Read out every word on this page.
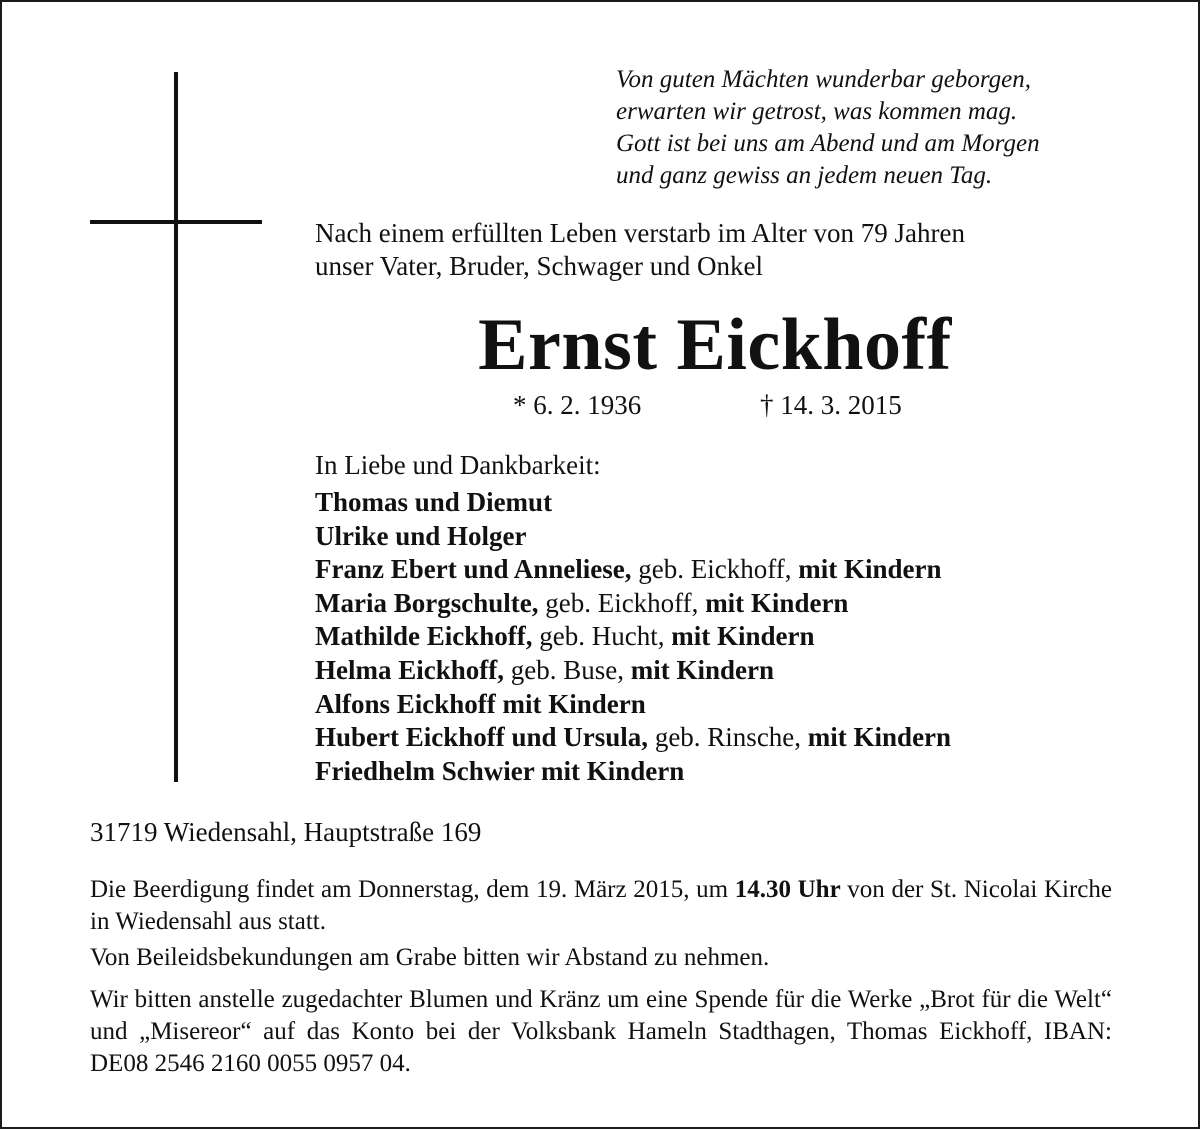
Von guten Mächten wunderbar geborgen,
erwarten wir getrost, was kommen mag.
Gott ist bei uns am Abend und am Morgen
und ganz gewiss an jedem neuen Tag.
Nach einem erfüllten Leben verstarb im Alter von 79 Jahren
unser Vater, Bruder, Schwager und Onkel
Ernst Eickhoff
* 6. 2. 1936	† 14. 3. 2015
In Liebe und Dankbarkeit:
Thomas und Diemut
Ulrike und Holger
Franz Ebert und Anneliese, geb. Eickhoff, mit Kindern
Maria Borgschulte, geb. Eickhoff, mit Kindern
Mathilde Eickhoff, geb. Hucht, mit Kindern
Helma Eickhoff, geb. Buse, mit Kindern
Alfons Eickhoff mit Kindern
Hubert Eickhoff und Ursula, geb. Rinsche, mit Kindern
Friedhelm Schwier mit Kindern
31719 Wiedensahl, Hauptstraße 169
Die Beerdigung findet am Donnerstag, dem 19. März 2015, um 14.30 Uhr von der St. Nicolai Kirche in Wiedensahl aus statt.
Von Beileidsbekundungen am Grabe bitten wir Abstand zu nehmen.
Wir bitten anstelle zugedachter Blumen und Kränz um eine Spende für die Werke „Brot für die Welt“ und „Misereor“ auf das Konto bei der Volksbank Hameln Stadthagen, Thomas Eickhoff, IBAN: DE08 2546 2160 0055 0957 04.
